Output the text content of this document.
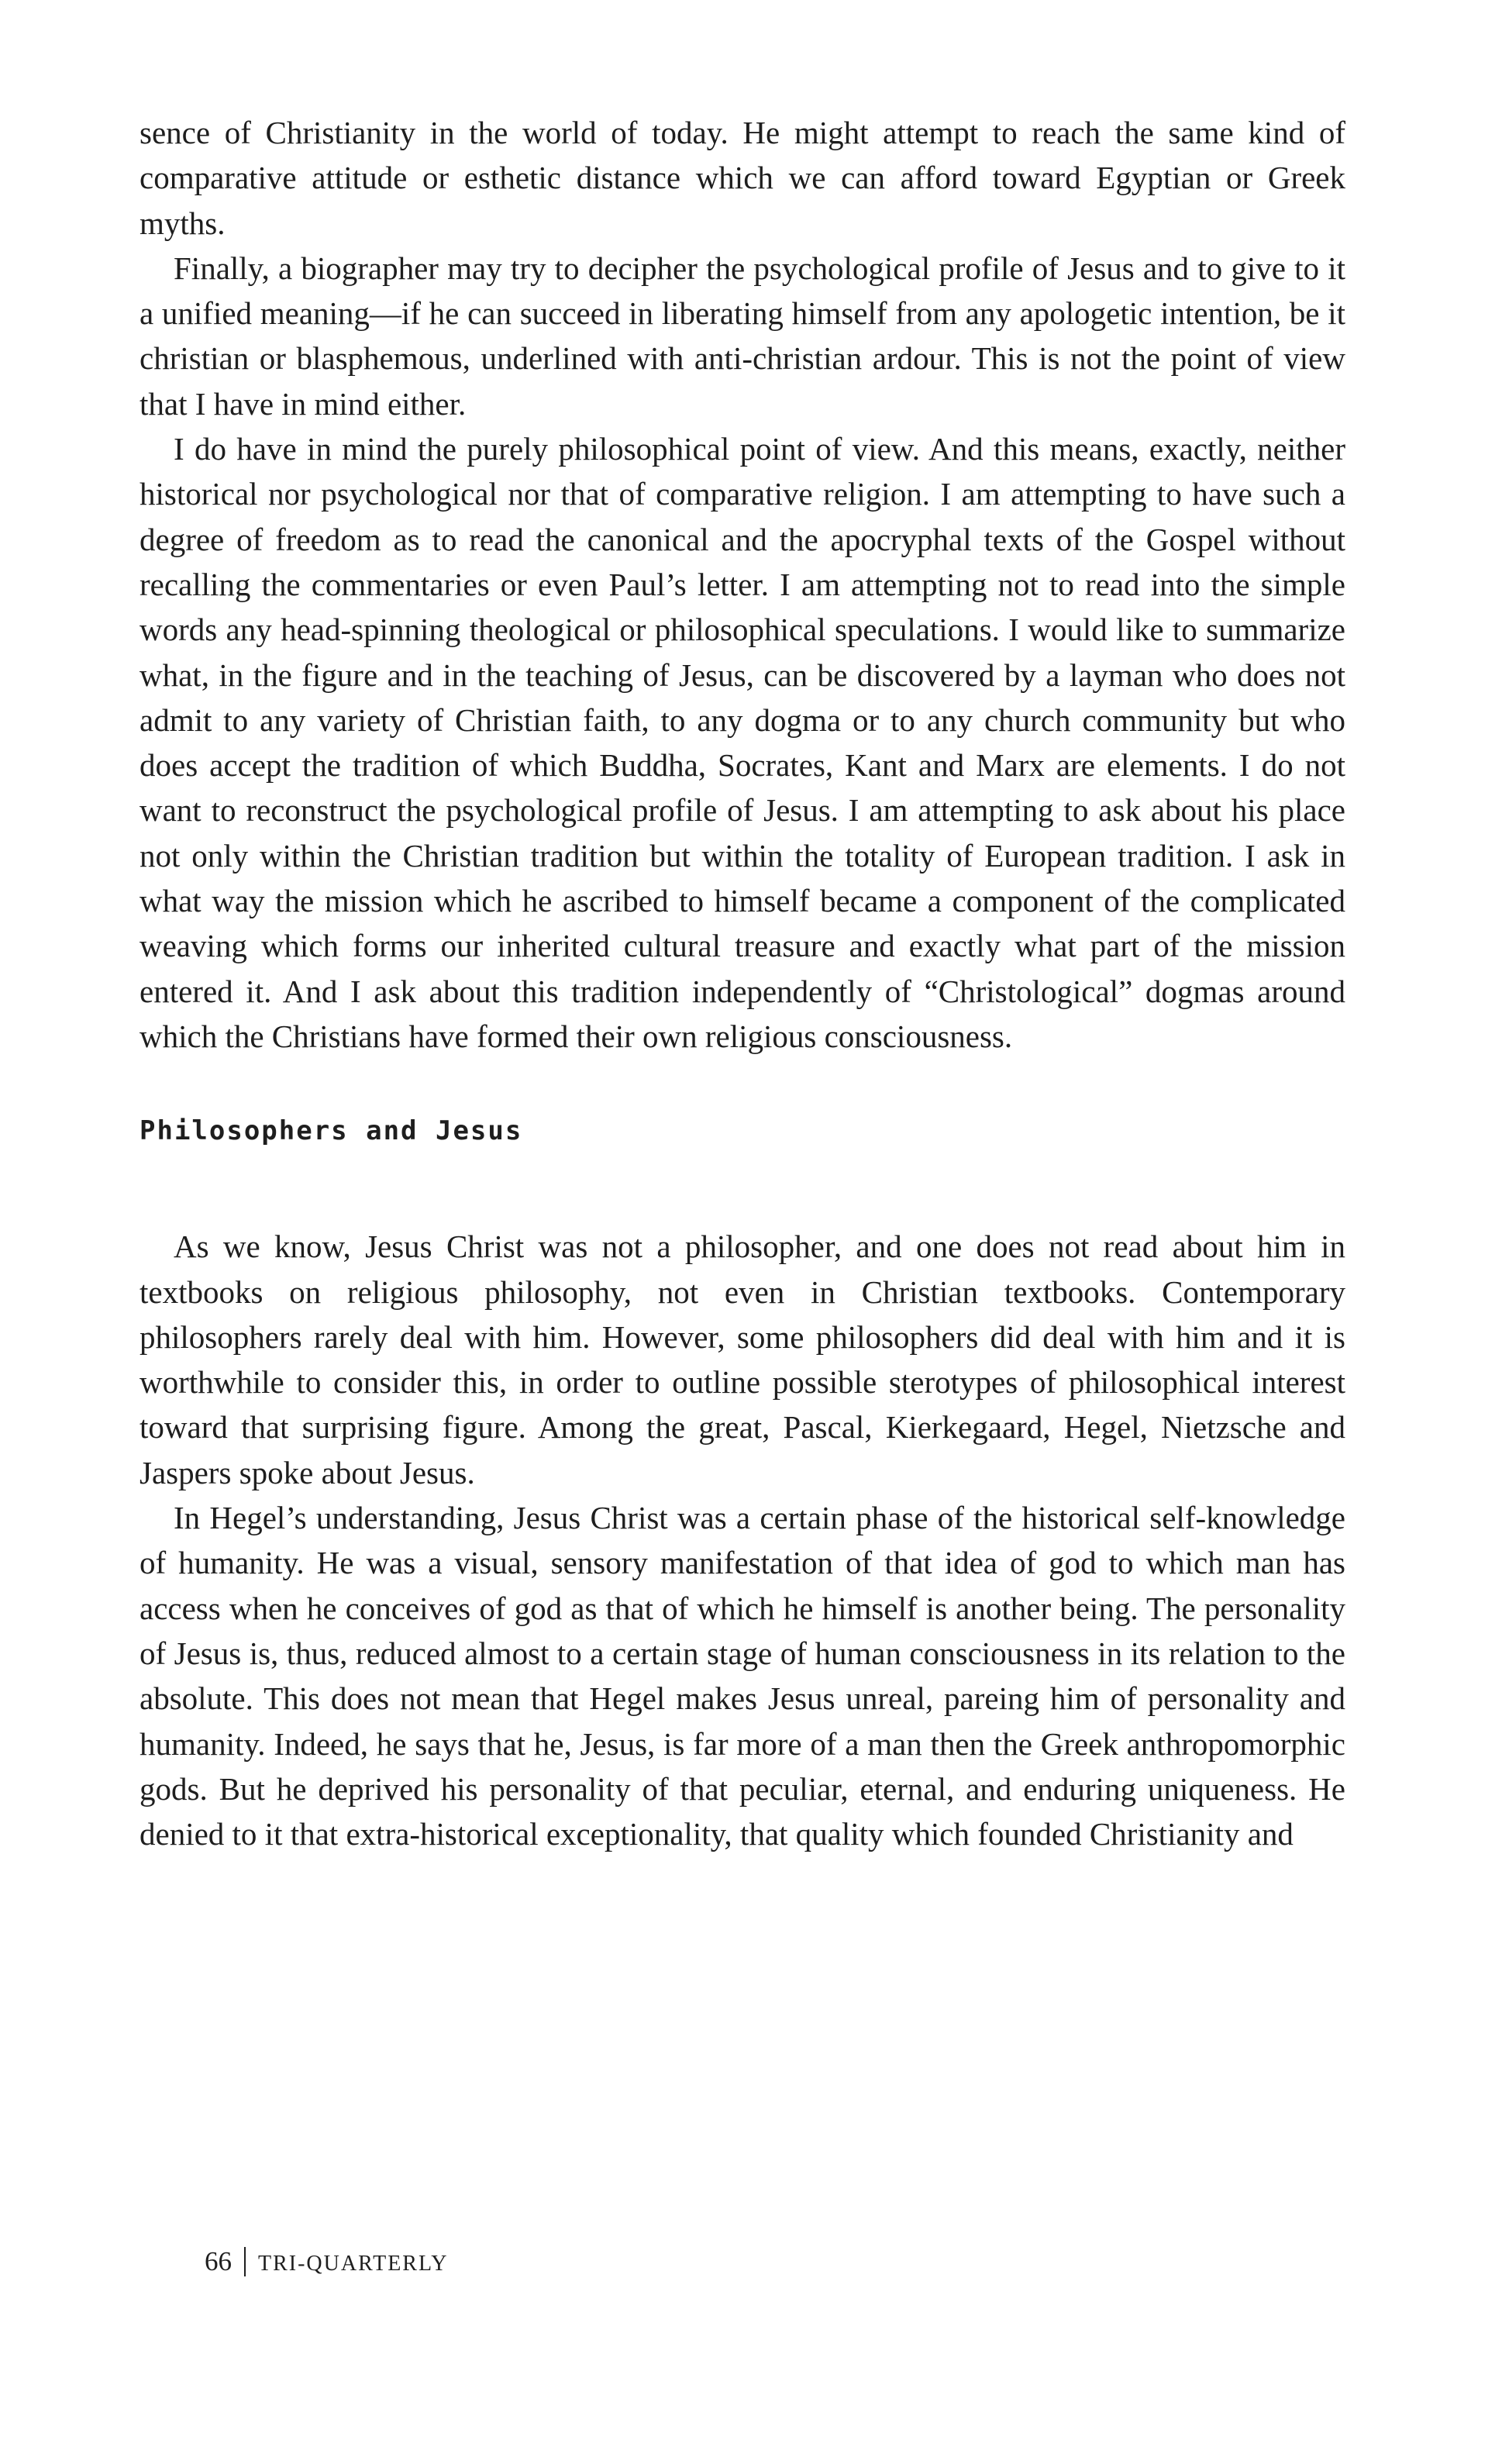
sence of Christianity in the world of today. He might attempt to reach the same kind of comparative attitude or esthetic distance which we can afford toward Egyptian or Greek myths.

Finally, a biographer may try to decipher the psychological profile of Jesus and to give to it a unified meaning—if he can succeed in liberating himself from any apologetic intention, be it christian or blasphemous, underlined with anti-christian ardour. This is not the point of view that I have in mind either.

I do have in mind the purely philosophical point of view. And this means, exactly, neither historical nor psychological nor that of comparative religion. I am attempting to have such a degree of freedom as to read the canonical and the apocryphal texts of the Gospel without recalling the commentaries or even Paul’s letter. I am attempting not to read into the simple words any head-spinning theological or philosophical speculations. I would like to summarize what, in the figure and in the teaching of Jesus, can be discovered by a layman who does not admit to any variety of Christian faith, to any dogma or to any church community but who does accept the tradition of which Buddha, Socrates, Kant and Marx are elements. I do not want to reconstruct the psychological profile of Jesus. I am attempting to ask about his place not only within the Christian tradition but within the totality of European tradition. I ask in what way the mission which he ascribed to himself became a component of the complicated weaving which forms our inherited cultural treasure and exactly what part of the mission entered it. And I ask about this tradition independently of “Christological” dogmas around which the Christians have formed their own religious consciousness.

Philosophers and Jesus

As we know, Jesus Christ was not a philosopher, and one does not read about him in textbooks on religious philosophy, not even in Christian textbooks. Contemporary philosophers rarely deal with him. However, some philosophers did deal with him and it is worthwhile to consider this, in order to outline possible sterotypes of philosophical interest toward that surprising figure. Among the great, Pascal, Kierkegaard, Hegel, Nietzsche and Jaspers spoke about Jesus.

In Hegel’s understanding, Jesus Christ was a certain phase of the historical self-knowledge of humanity. He was a visual, sensory manifestation of that idea of god to which man has access when he conceives of god as that of which he himself is another being. The personality of Jesus is, thus, reduced almost to a certain stage of human consciousness in its relation to the absolute. This does not mean that Hegel makes Jesus unreal, pareing him of personality and humanity. Indeed, he says that he, Jesus, is far more of a man then the Greek anthropomorphic gods. But he deprived his personality of that peculiar, eternal, and enduring uniqueness. He denied to it that extra-historical exceptionality, that quality which founded Christianity and

66 TRI-QUARTERLY
